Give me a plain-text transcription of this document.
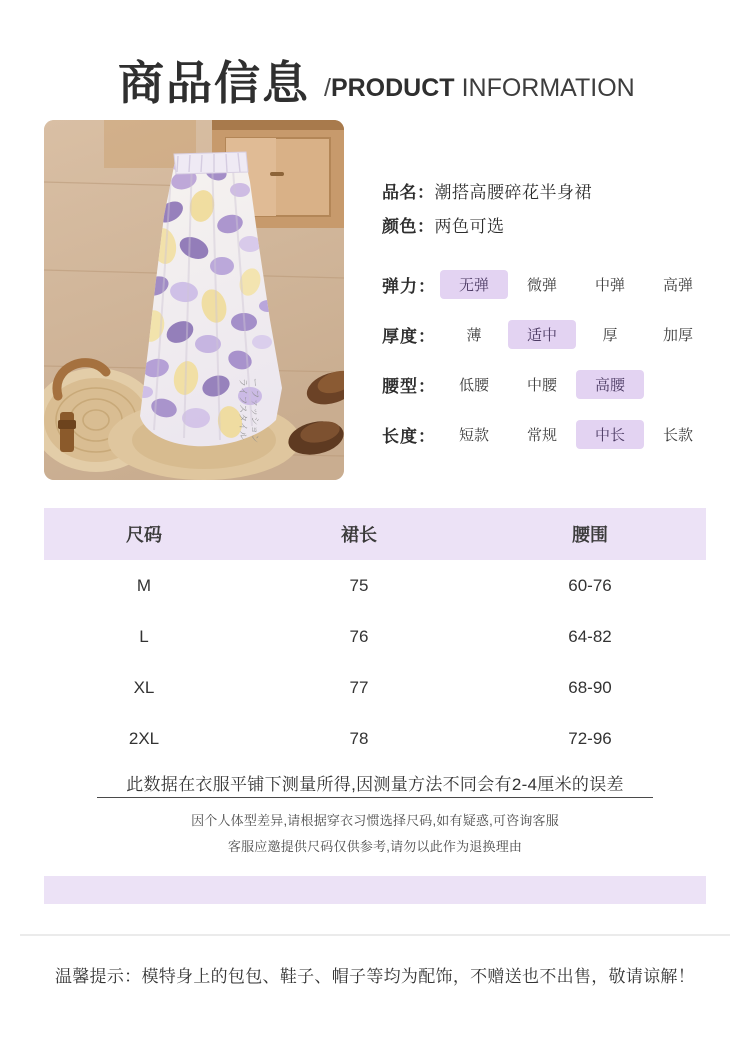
商品信息 / PRODUCT INFORMATION
ライフスタイル ー ファッション
品名：潮搭高腰碎花半身裙
颜色：两色可选
弹力：	无弹	微弹	中弹	高弹
厚度：	薄	适中	厚	加厚
腰型：	低腰	中腰	高腰
长度：	短款	常规	中长	长款
尺码	裙长	腰围
M	75	60-76
L	76	64-82
XL	77	68-90
2XL	78	72-96
此数据在衣服平铺下测量所得,因测量方法不同会有2-4厘米的误差
因个人体型差异,请根据穿衣习惯选择尺码,如有疑惑,可咨询客服
客服应邀提供尺码仅供参考,请勿以此作为退换理由
温馨提示：模特身上的包包、鞋子、帽子等均为配饰，不赠送也不出售，敬请谅解！
